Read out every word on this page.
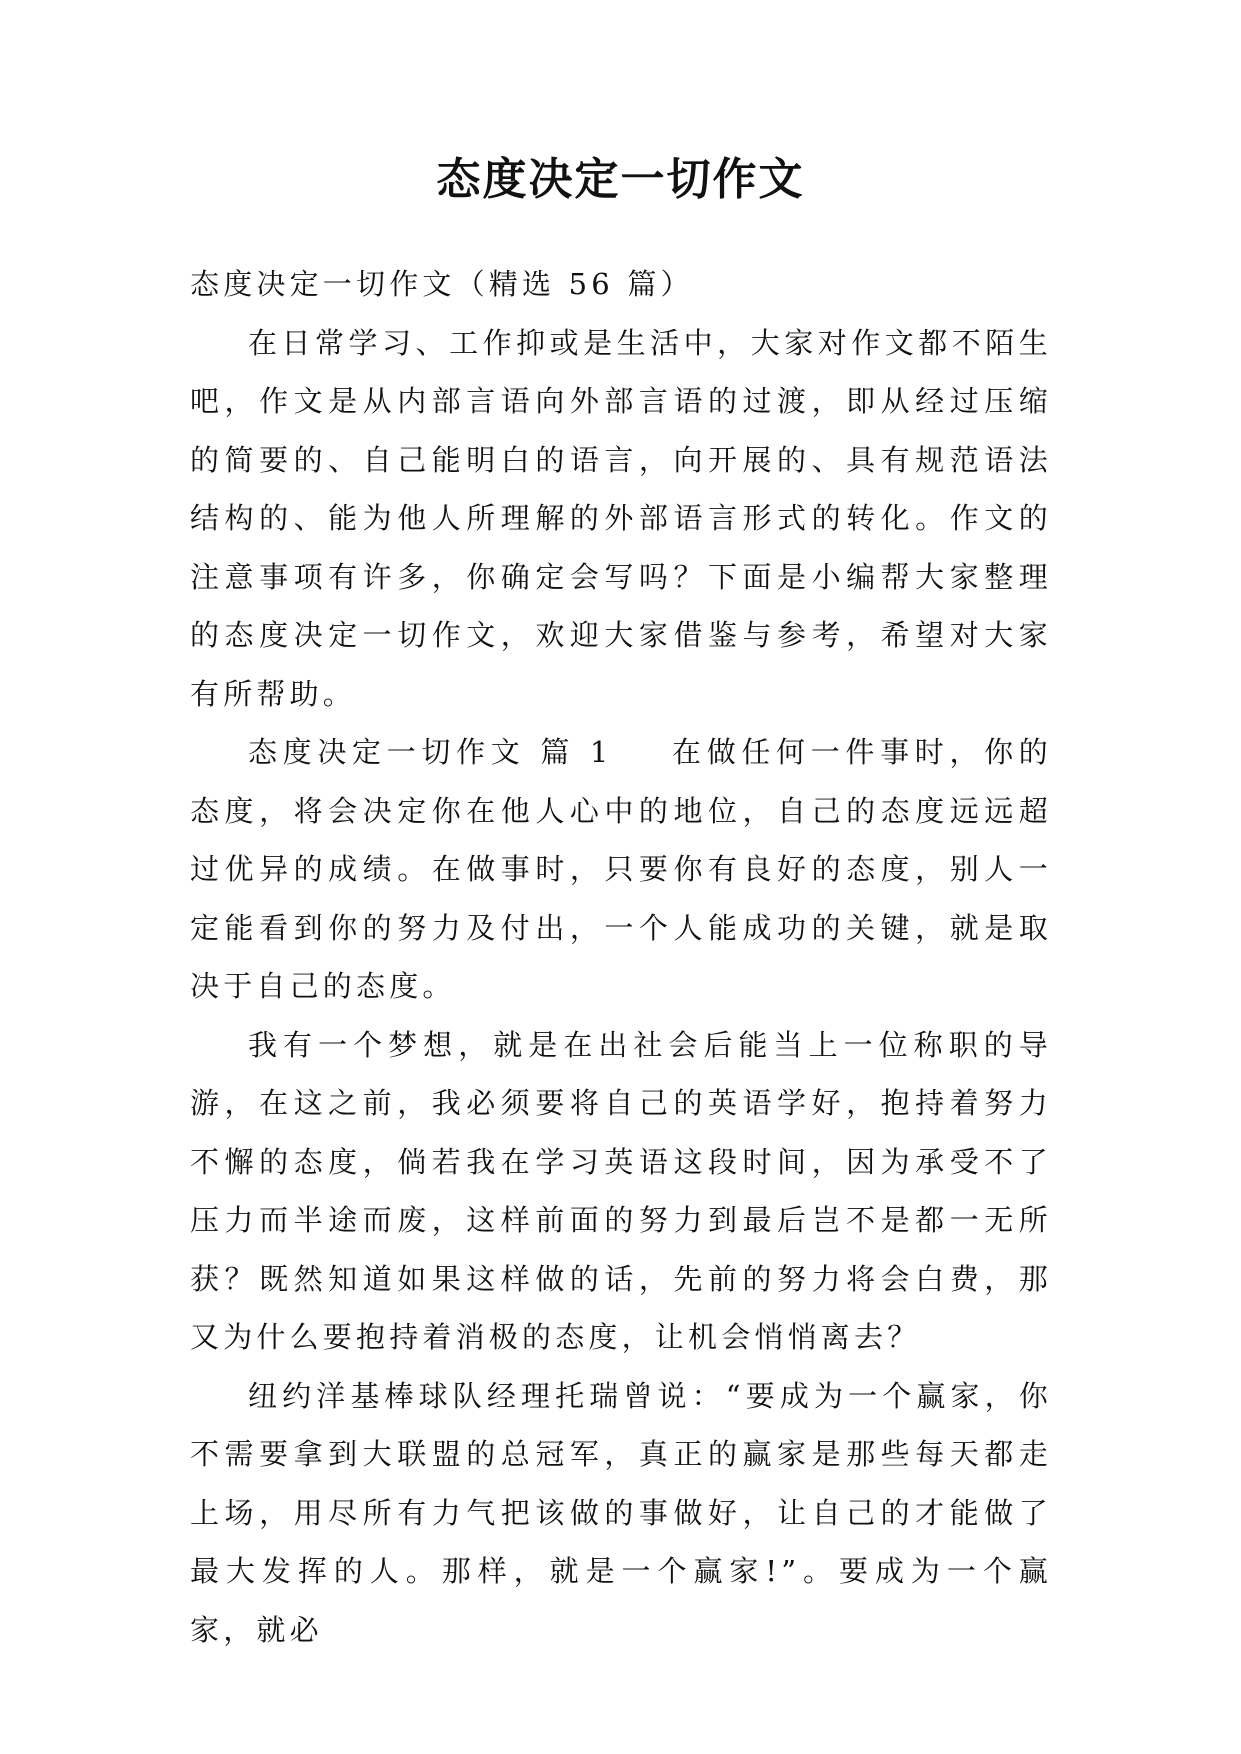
态度决定一切作文

态度决定一切作文（精选 56 篇）

在日常学习、工作抑或是生活中，大家对作文都不陌生吧，作文是从内部言语向外部言语的过渡，即从经过压缩的简要的、自己能明白的语言，向开展的、具有规范语法结构的、能为他人所理解的外部语言形式的转化。作文的注意事项有许多，你确定会写吗？下面是小编帮大家整理的态度决定一切作文，欢迎大家借鉴与参考，希望对大家有所帮助。

态度决定一切作文 篇 1 在做任何一件事时，你的态度，将会决定你在他人心中的地位，自己的态度远远超过优异的成绩。在做事时，只要你有良好的态度，别人一定能看到你的努力及付出，一个人能成功的关键，就是取决于自己的态度。

我有一个梦想，就是在出社会后能当上一位称职的导游，在这之前，我必须要将自己的英语学好，抱持着努力不懈的态度，倘若我在学习英语这段时间，因为承受不了压力而半途而废，这样前面的努力到最后岂不是都一无所获？既然知道如果这样做的话，先前的努力将会白费，那又为什么要抱持着消极的态度，让机会悄悄离去？

纽约洋基棒球队经理托瑞曾说：“要成为一个赢家，你不需要拿到大联盟的总冠军，真正的赢家是那些每天都走上场，用尽所有力气把该做的事做好，让自己的才能做了最大发挥的人。那样，就是一个赢家!”。要成为一个赢家，就必
